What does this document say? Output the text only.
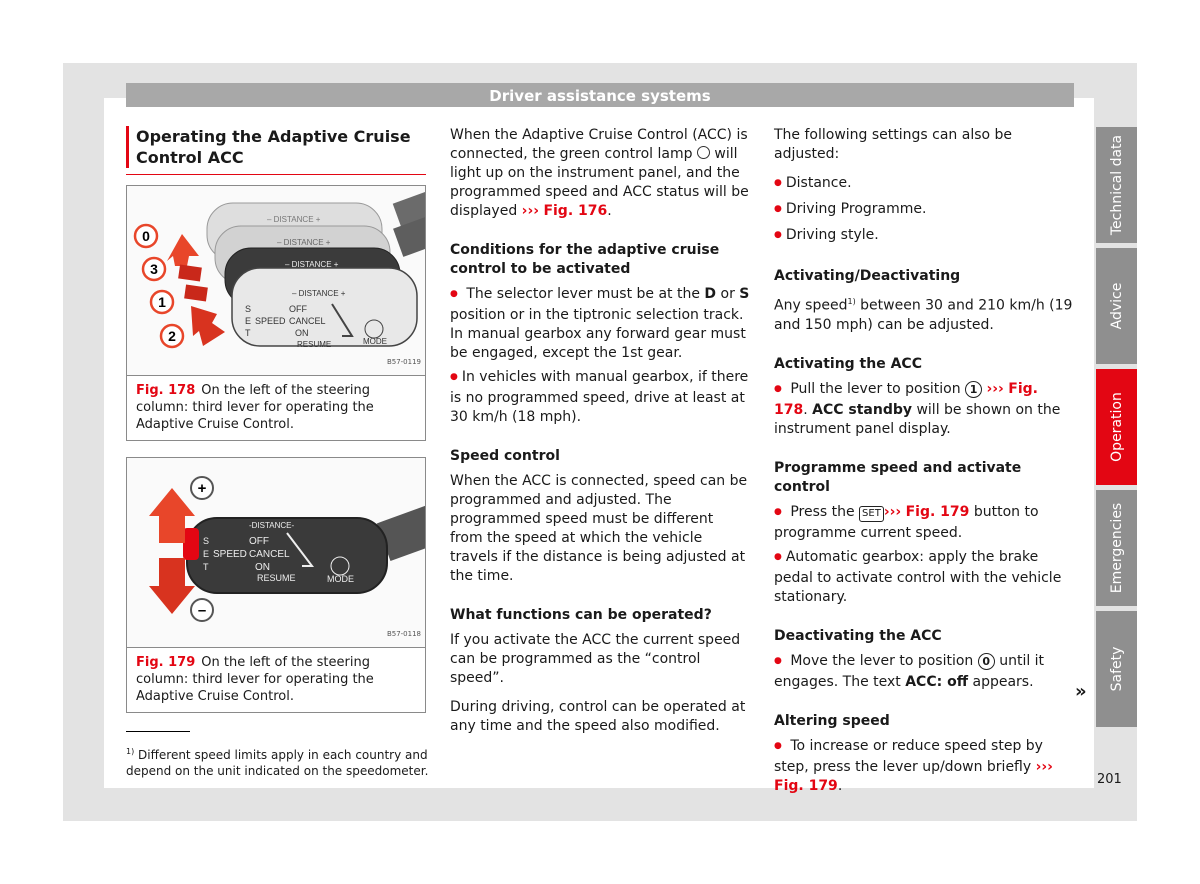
Driver assistance systems
Operating the Adaptive Cruise Control ACC
– DISTANCE +
– DISTANCE +
– DISTANCE +
– DISTANCE +
S
E
T
SPEED
OFF
CANCEL
ON
RESUME	MODE
0
3
1
2
B57-0119
Fig. 178 On the left of the steering column: third lever for operating the Adaptive Cruise Control.
-DISTANCE-
S
E
T
SPEED
OFF
CANCEL
ON
RESUME	MODE
+
–
B57-0118
Fig. 179 On the left of the steering column: third lever for operating the Adaptive Cruise Control.
$^{1)}$ Different speed limits apply in each country and depend on the unit indicated on the speedometer.

When the Adaptive Cruise Control (ACC) is connected, the green control lamp will light up on the instrument panel, and the programmed speed and ACC status will be displayed ››› Fig. 176.

Conditions for the adaptive cruise control to be activated
● The selector lever must be at the D or S position or in the tiptronic selection track. In manual gearbox any forward gear must be engaged, except the 1st gear.
● In vehicles with manual gearbox, if there is no programmed speed, drive at least at 30 km/h (18 mph).
Speed control

When the ACC is connected, speed can be programmed and adjusted. The programmed speed must be different from the speed at which the vehicle travels if the distance is being adjusted at the time.

What functions can be operated?

If you activate the ACC the current speed can be programmed as the “control speed”.

During driving, control can be operated at any time and the speed also modified.

The following settings can also be adjusted:

● Distance.
● Driving Programme.
● Driving style.
Activating/Deactivating

Any speed$^{1)}$ between 30 and 210 km/h (19 and 150 mph) can be adjusted.

Activating the ACC
● Pull the lever to position 1 ››› Fig. 178. ACC standby will be shown on the instrument panel display.
Programme speed and activate control
● Press the SET ››› Fig. 179 button to programme current speed.
● Automatic gearbox: apply the brake pedal to activate control with the vehicle stationary.
Deactivating the ACC
● Move the lever to position 0 until it engages. The text ACC: off appears.
Altering speed
● To increase or reduce speed step by step, press the lever up/down briefly ››› Fig. 179.
»
Technical data
Advice
Operation
Emergencies
Safety
201
